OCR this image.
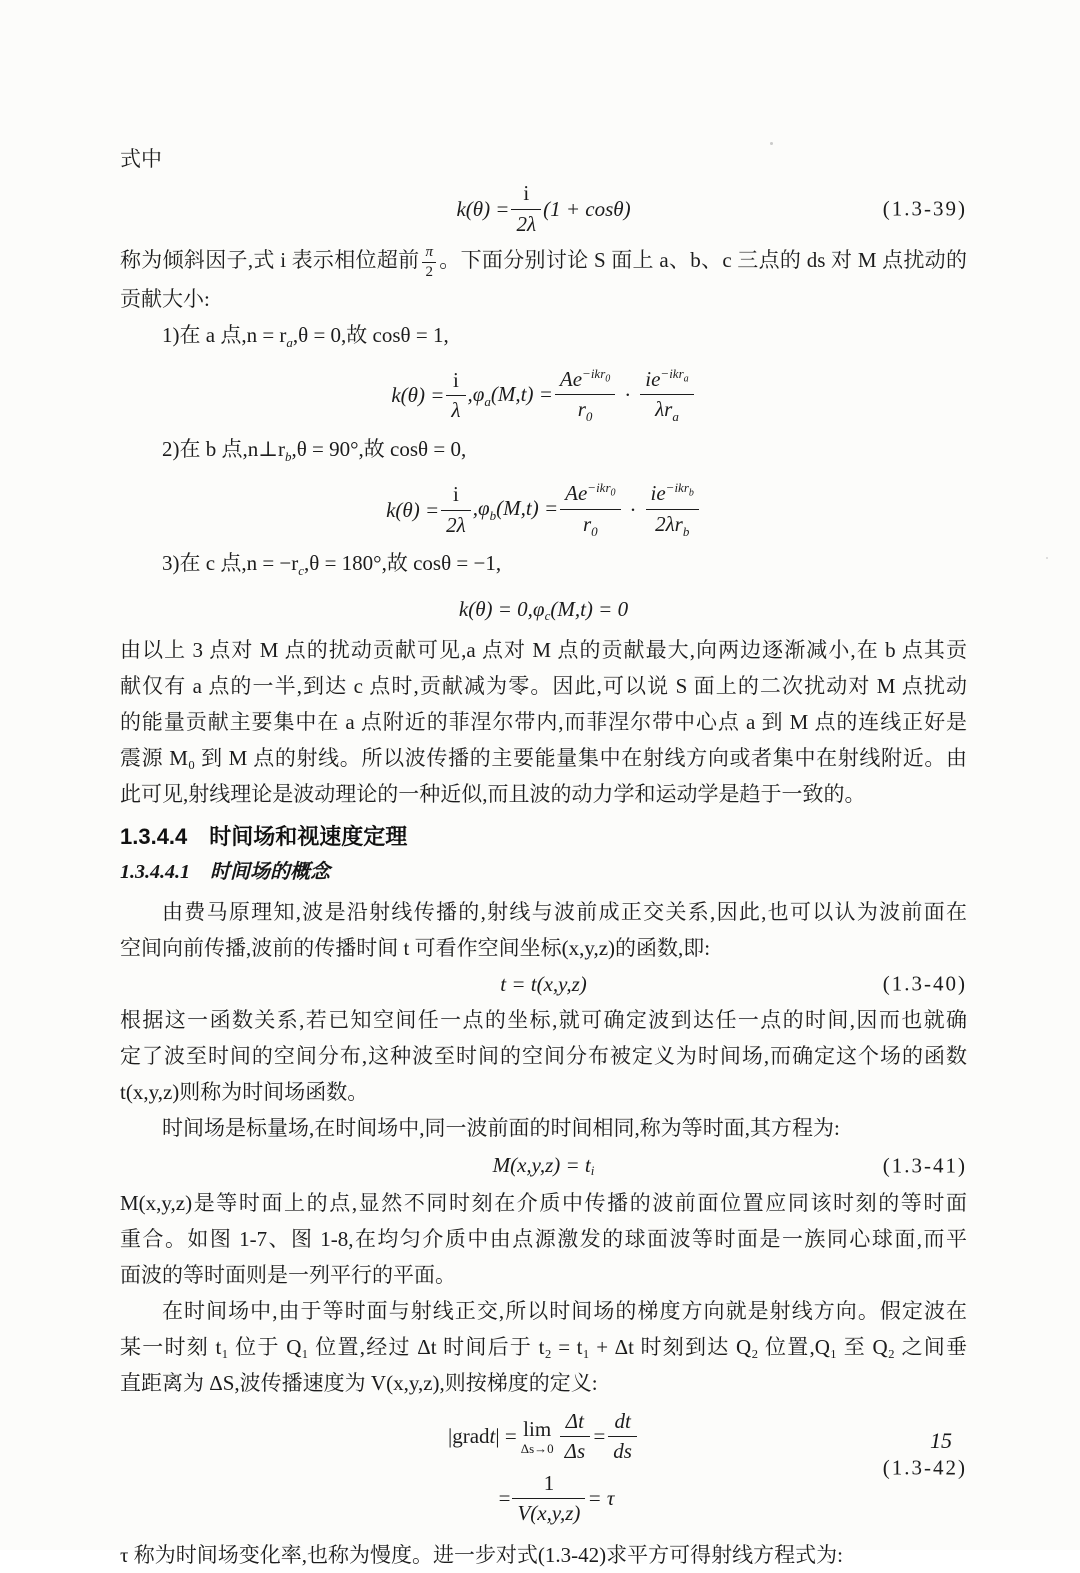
式中
$k(\theta) = \frac{i}{2\lambda} (1 + \cos\theta)$	(1.3-39)
称为倾斜因子,式 i 表示相位超前 $\frac{\pi}{2}$ 。下面分别讨论 S 面上 a、b、c 三点的 ds 对 M 点扰动的
贡献大小:
1)在 a 点$,n = r_a,\theta = 0$,故 cosθ = 1,
$k(\theta) = \frac{i}{\lambda} ,\varphi_a(M,t) = \frac{Ae^{-ikr_0}}{r_0} \cdot \frac{ie^{-ikr_a}}{\lambda r_a}$
2)在 b 点$,n\perp r_b,\theta = 90^\circ$,故 cosθ = 0,
$k(\theta) = \frac{i}{2\lambda} ,\varphi_b(M,t) = \frac{Ae^{-ikr_0}}{r_0} \cdot \frac{ie^{-ikr_b}}{2\lambda r_b}$
3)在 c 点$,n = -r_c,\theta = 180^\circ$,故 cosθ = −1,
$k(\theta) = 0,\varphi_c(M,t) = 0$
由以上 3 点对 M 点的扰动贡献可见,a 点对 M 点的贡献最大,向两边逐渐减小,在 b 点其贡
献仅有 a 点的一半,到达 c 点时,贡献减为零。因此,可以说 S 面上的二次扰动对 M 点扰动
的能量贡献主要集中在 a 点附近的菲涅尔带内,而菲涅尔带中心点 a 到 M 点的连线正好是
震源 M₀ 到 M 点的射线。所以波传播的主要能量集中在射线方向或者集中在射线附近。由
此可见,射线理论是波动理论的一种近似,而且波的动力学和运动学是趋于一致的。
1.3.4.4　时间场和视速度定理
1.3.4.4.1　时间场的概念
由费马原理知,波是沿射线传播的,射线与波前成正交关系,因此,也可以认为波前面在
空间向前传播,波前的传播时间 t 可看作空间坐标(x,y,z)的函数,即:
t = t(x,y,z)	(1.3-40)
根据这一函数关系,若已知空间任一点的坐标,就可确定波到达任一点的时间,因而也就确
定了波至时间的空间分布,这种波至时间的空间分布被定义为时间场,而确定这个场的函数
t(x,y,z)则称为时间场函数。
时间场是标量场,在时间场中,同一波前面的时间相同,称为等时面,其方程为:
$M(x,y,z) = t_i$	(1.3-41)
M(x,y,z)是等时面上的点,显然不同时刻在介质中传播的波前面位置应同该时刻的等时面
重合。如图 1-7、图 1-8,在均匀介质中由点源激发的球面波等时面是一族同心球面,而平
面波的等时面则是一列平行的平面。
在时间场中,由于等时面与射线正交,所以时间场的梯度方向就是射线方向。假定波在
某一时刻 t₁ 位于 Q₁ 位置,经过 Δt 时间后于 t₂ = t₁ + Δt 时刻到达 Q₂ 位置,Q₁ 至 Q₂ 之间垂
直距离为 ΔS,波传播速度为 V(x,y,z),则按梯度的定义:
|gradt| = lim
$\Delta s\to 0 \frac{\Delta t}{\Delta s} = \frac{dt}{ds}$
= $\frac{1}{V(x,y,z)} = \tau$
(1.3-42)
τ 称为时间场变化率,也称为慢度。进一步对式(1.3-42)求平方可得射线方程式为:
15
